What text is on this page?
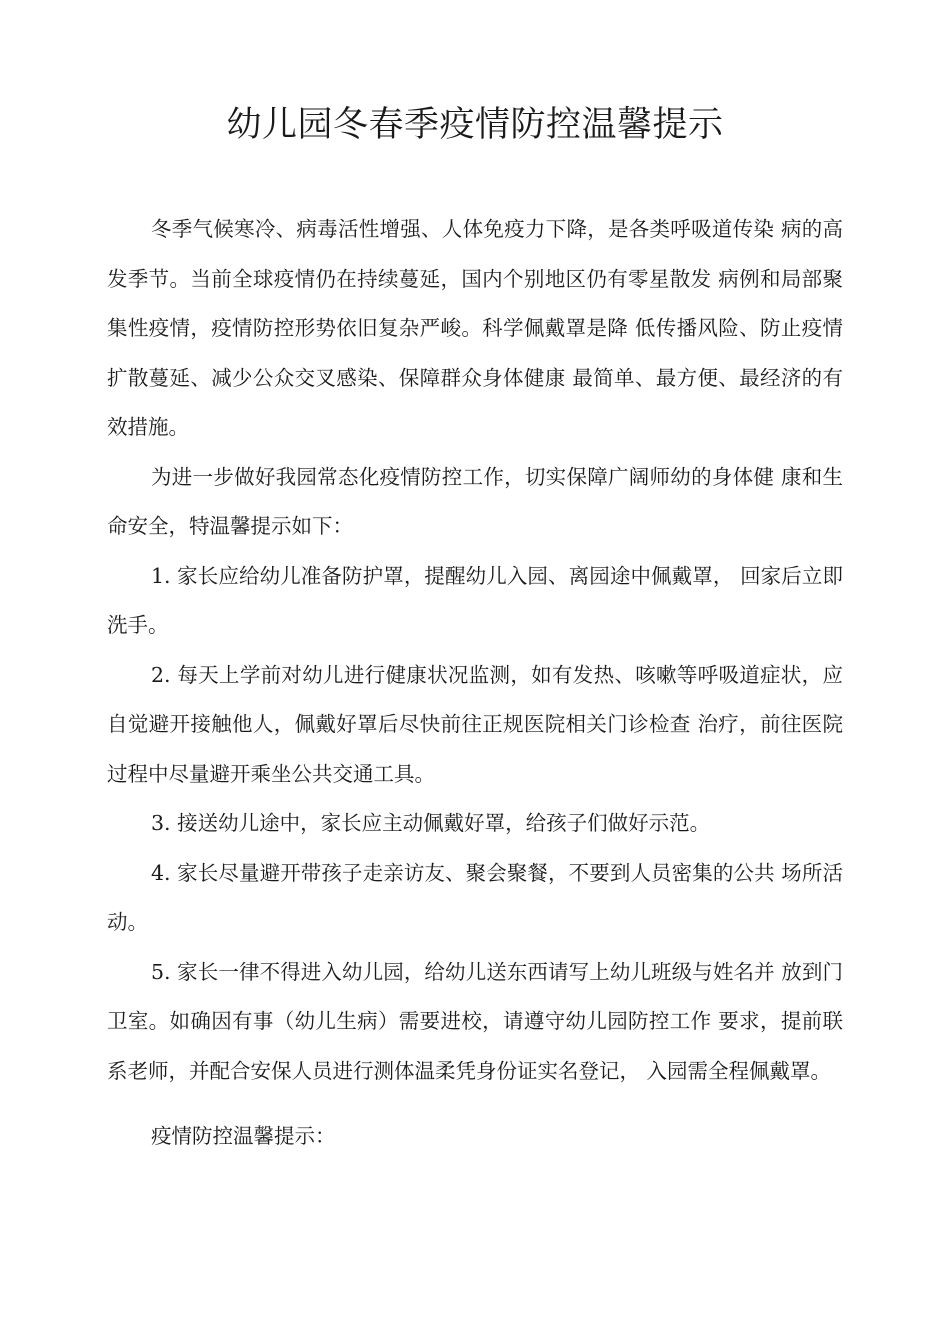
幼儿园冬春季疫情防控温馨提示

冬季气候寒冷、病毒活性增强、人体免疫力下降，是各类呼吸道传染 病的高发季节。当前全球疫情仍在持续蔓延，国内个别地区仍有零星散发 病例和局部聚集性疫情，疫情防控形势依旧复杂严峻。科学佩戴罩是降 低传播风险、防止疫情扩散蔓延、减少公众交叉感染、保障群众身体健康 最简单、最方便、最经济的有效措施。

为进一步做好我园常态化疫情防控工作，切实保障广阔师幼的身体健 康和生命安全，特温馨提示如下：

1. 家长应给幼儿准备防护罩，提醒幼儿入园、离园途中佩戴罩， 回家后立即洗手。

2. 每天上学前对幼儿进行健康状况监测，如有发热、咳嗽等呼吸道症状，应自觉避开接触他人，佩戴好罩后尽快前往正规医院相关门诊检查 治疗，前往医院过程中尽量避开乘坐公共交通工具。

3. 接送幼儿途中，家长应主动佩戴好罩，给孩子们做好示范。

4. 家长尽量避开带孩子走亲访友、聚会聚餐，不要到人员密集的公共 场所活动。

5. 家长一律不得进入幼儿园，给幼儿送东西请写上幼儿班级与姓名并 放到门卫室。如确因有事（幼儿生病）需要进校，请遵守幼儿园防控工作 要求，提前联系老师，并配合安保人员进行测体温柔凭身份证实名登记， 入园需全程佩戴罩。

疫情防控温馨提示：
